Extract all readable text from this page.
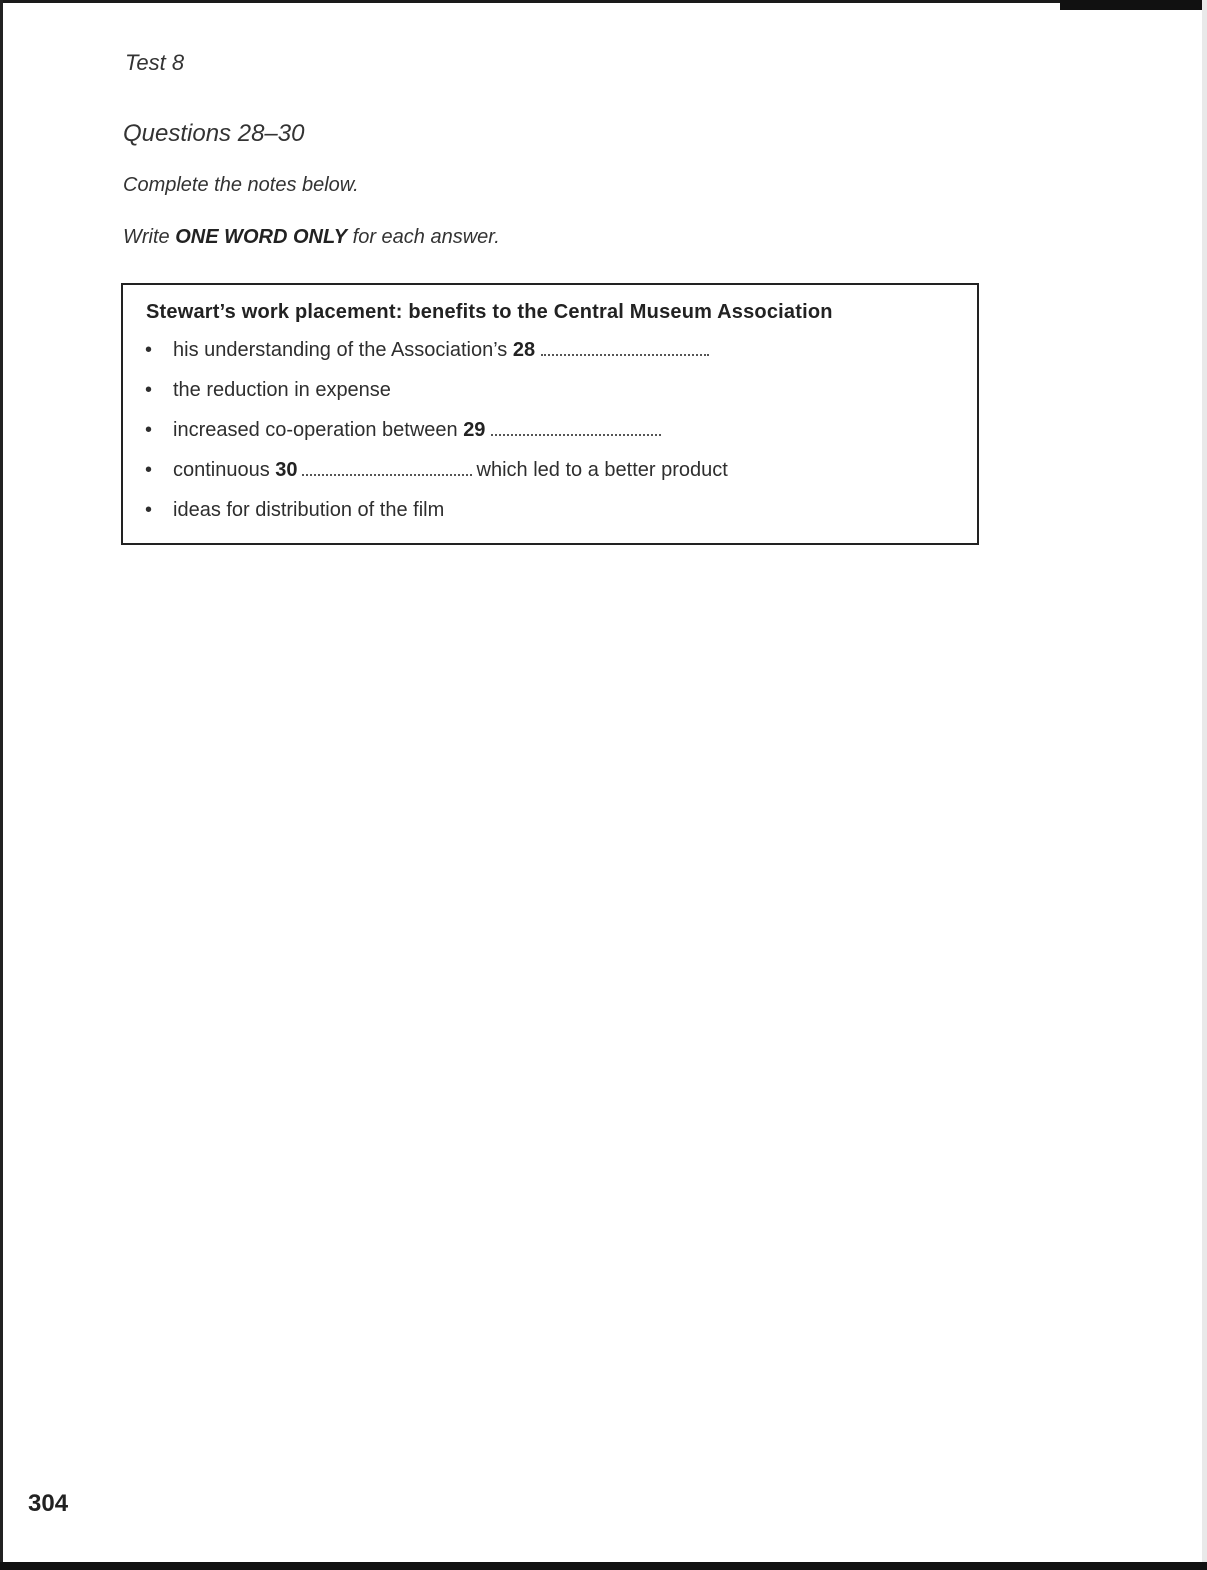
Test 8
Questions 28–30
Complete the notes below.
Write ONE WORD ONLY for each answer.
Stewart’s work placement: benefits to the Central Museum Association
• his understanding of the Association’s 28
• the reduction in expense
• increased co-operation between 29
• continuous 30	which led to a better product
• ideas for distribution of the film
304
